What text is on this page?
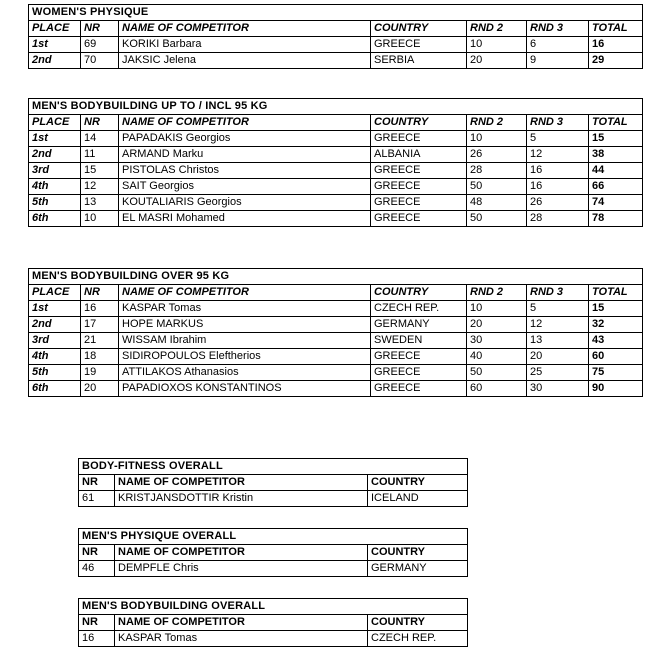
WOMEN'S PHYSIQUE						
PLACE	NR	NAME OF COMPETITOR	COUNTRY	RND 2	RND 3	TOTAL
1st	69	KORIKI Barbara	GREECE	10	6	16
2nd	70	JAKSIC Jelena	SERBIA	20	9	29
MEN'S BODYBUILDING UP TO / INCL 95 KG						
PLACE	NR	NAME OF COMPETITOR	COUNTRY	RND 2	RND 3	TOTAL
1st	14	PAPADAKIS Georgios	GREECE	10	5	15
2nd	11	ARMAND Marku	ALBANIA	26	12	38
3rd	15	PISTOLAS Christos	GREECE	28	16	44
4th	12	SAIT Georgios	GREECE	50	16	66
5th	13	KOUTALIARIS Georgios	GREECE	48	26	74
6th	10	EL MASRI Mohamed	GREECE	50	28	78
MEN'S BODYBUILDING OVER 95 KG						
PLACE	NR	NAME OF COMPETITOR	COUNTRY	RND 2	RND 3	TOTAL
1st	16	KASPAR Tomas	CZECH REP.	10	5	15
2nd	17	HOPE MARKUS	GERMANY	20	12	32
3rd	21	WISSAM Ibrahim	SWEDEN	30	13	43
4th	18	SIDIROPOULOS Eleftherios	GREECE	40	20	60
5th	19	ATTILAKOS Athanasios	GREECE	50	25	75
6th	20	PAPADIOXOS KONSTANTINOS	GREECE	60	30	90
BODY-FITNESS OVERALL		
NR	NAME OF COMPETITOR	COUNTRY
61	KRISTJANSDOTTIR Kristin	ICELAND
MEN'S PHYSIQUE OVERALL		
NR	NAME OF COMPETITOR	COUNTRY
46	DEMPFLE Chris	GERMANY
MEN'S BODYBUILDING OVERALL		
NR	NAME OF COMPETITOR	COUNTRY
16	KASPAR Tomas	CZECH REP.
